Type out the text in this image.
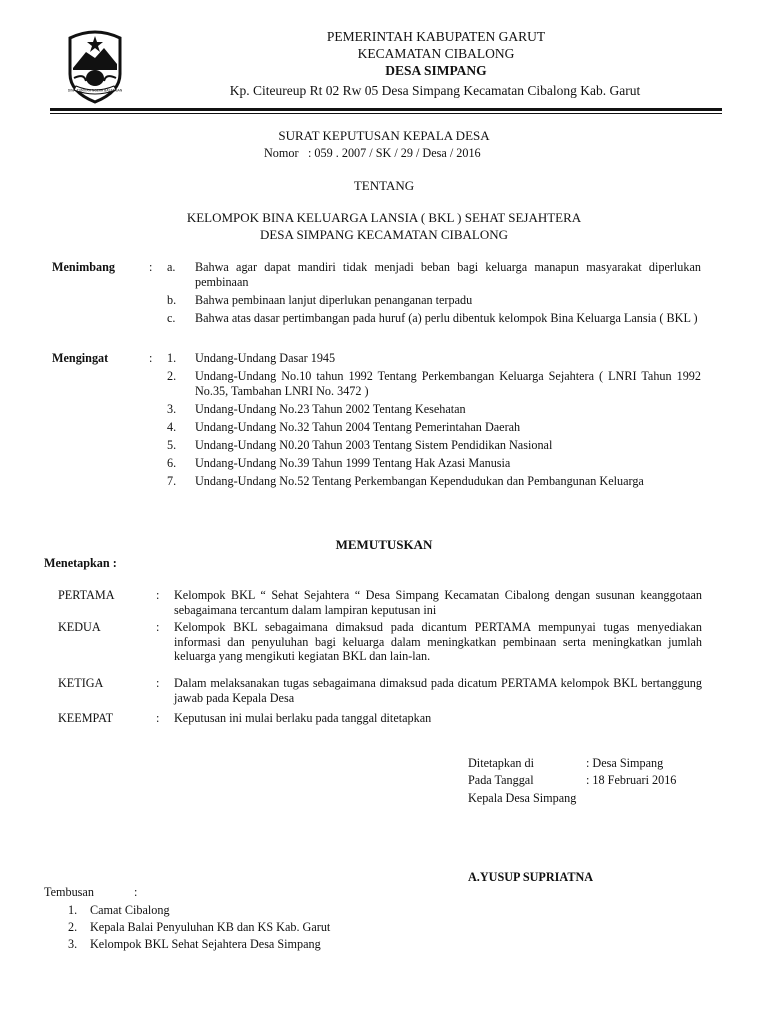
DINA TUMITAH NGERA BASANGAN
PEMERINTAH KABUPATEN GARUT
KECAMATAN CIBALONG
DESA SIMPANG
Kp. Citeureup Rt 02 Rw 05 Desa Simpang Kecamatan Cibalong Kab. Garut
SURAT KEPUTUSAN KEPALA DESA
Nomor : 059 . 2007 / SK / 29 / Desa / 2016
TENTANG
KELOMPOK BINA KELUARGA LANSIA ( BKL ) SEHAT SEJAHTERA
DESA SIMPANG KECAMATAN CIBALONG
Menimbang	: a. Bahwa agar dapat mandiri tidak menjadi beban bagi keluarga manapun masyarakat diperlukan pembinaan
b. Bahwa pembinaan lanjut diperlukan penanganan terpadu
c. Bahwa atas dasar pertimbangan pada huruf (a) perlu dibentuk kelompok Bina Keluarga Lansia ( BKL )
Mengingat	: 1. Undang-Undang Dasar 1945
2. Undang-Undang No.10 tahun 1992 Tentang Perkembangan Keluarga Sejahtera ( LNRI Tahun 1992 No.35, Tambahan LNRI No. 3472 )
3. Undang-Undang No.23 Tahun 2002 Tentang Kesehatan
4. Undang-Undang No.32 Tahun 2004 Tentang Pemerintahan Daerah
5. Undang-Undang N0.20 Tahun 2003 Tentang Sistem Pendidikan Nasional
6. Undang-Undang No.39 Tahun 1999 Tentang Hak Azasi Manusia
7. Undang-Undang No.52 Tentang Perkembangan Kependudukan dan Pembangunan Keluarga
MEMUTUSKAN
Menetapkan :
PERTAMA	: Kelompok BKL “ Sehat Sejahtera “ Desa Simpang Kecamatan Cibalong dengan susunan keanggotaan sebagaimana tercantum dalam lampiran keputusan ini
KEDUA	: Kelompok BKL sebagaimana dimaksud pada dicantum PERTAMA mempunyai tugas menyediakan informasi dan penyuluhan bagi keluarga dalam meningkatkan pembinaan serta meningkatkan jumlah keluarga yang mengikuti kegiatan BKL dan lain-lan.
KETIGA	: Dalam melaksanakan tugas sebagaimana dimaksud pada dicatum PERTAMA kelompok BKL bertanggung jawab pada Kepala Desa
KEEMPAT	: Keputusan ini mulai berlaku pada tanggal ditetapkan
Ditetapkan di	: Desa Simpang
Pada Tanggal	: 18 Februari 2016
Kepala Desa Simpang
A.YUSUP SUPRIATNA
Tembusan	:
1. Camat Cibalong
2. Kepala Balai Penyuluhan KB dan KS Kab. Garut
3. Kelompok BKL Sehat Sejahtera Desa Simpang
